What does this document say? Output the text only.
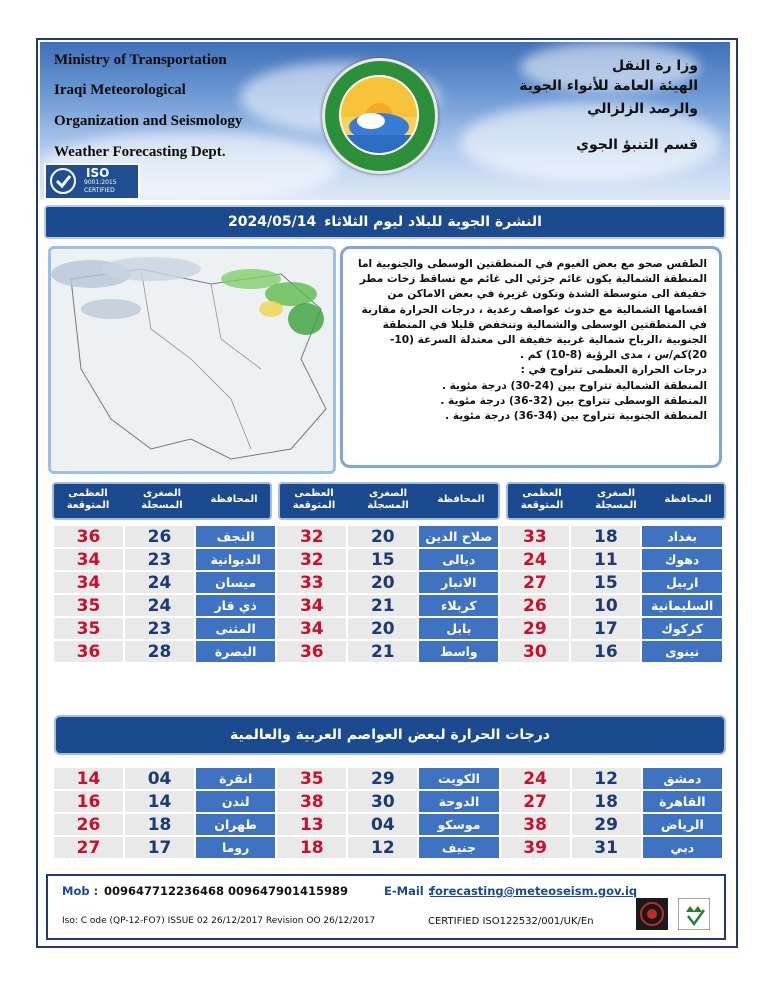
Ministry of Transportation
Iraqi Meteorological
Organization and Seismology
Weather Forecasting Dept.
وزا رة النقل
الهيئة العامة للأنواء الجوية
والرصد الزلزالي
قسم التنبؤ الجوي
ISO
9001:2015
CERTIFIED
النشرة الجوية للبلاد ليوم الثلاثاء
2024/05/14

الطقس صحو مع بعض الغيوم في المنطقتين الوسطى والجنوبية اما المنطقة الشمالية يكون غائم جزئي الى غائم مع تساقط زخات مطر خفيفة الى متوسطة الشدة وتكون غزيرة في بعض الاماكن من اقسامها الشمالية مع حدوث عواصف رعدية ، درجات الحرارة مقاربة في المنطقتين الوسطى والشمالية وتنخفض قليلا في المنطقة الجنوبية ،الرياح شمالية غربية خفيفة الى معتدلة السرعة (10-20)كم/س ، مدى الرؤية (8-10) كم .

درجات الحرارة العظمى تتراوح في :

المنطقة الشمالية تتراوح بين (24-30) درجة مئوية .

المنطقة الوسطى تتراوح بين (32-36) درجة مئوية .

المنطقة الجنوبية تتراوح بين (34-36) درجة مئوية .

العظمى
المتوقعة
الصغرى
المسجلة
المحافظة
العظمى
المتوقعة
الصغرى
المسجلة
المحافظة
العظمى
المتوقعة
الصغرى
المسجلة
المحافظة
36	26	النجف	32	20	صلاح الدين	33	18	بغداد
34	23	الديوانية	32	15	ديالى	24	11	دهوك
34	24	ميسان	33	20	الانبار	27	15	اربيل
35	24	ذي قار	34	21	كربلاء	26	10	السليمانية
35	23	المثنى	34	20	بابل	29	17	كركوك
36	28	البصرة	36	21	واسط	30	16	نينوى
درجات الحرارة لبعض العواصم العربية والعالمية
14	04	انقرة	35	29	الكويت	24	12	دمشق
16	14	لندن	38	30	الدوحة	27	18	القاهرة
26	18	طهران	13	04	موسكو	38	29	الرياض
27	17	روما	18	12	جنيف	39	31	دبي
Mob : 009647712236468 009647901415989	E-Mail :
forecasting@meteoseism.gov.iq
Iso: C ode (QP-12-FO7) ISSUE 02 26/12/2017 Revision OO 26/12/2017	CERTIFIED ISO122532/001/UK/En
